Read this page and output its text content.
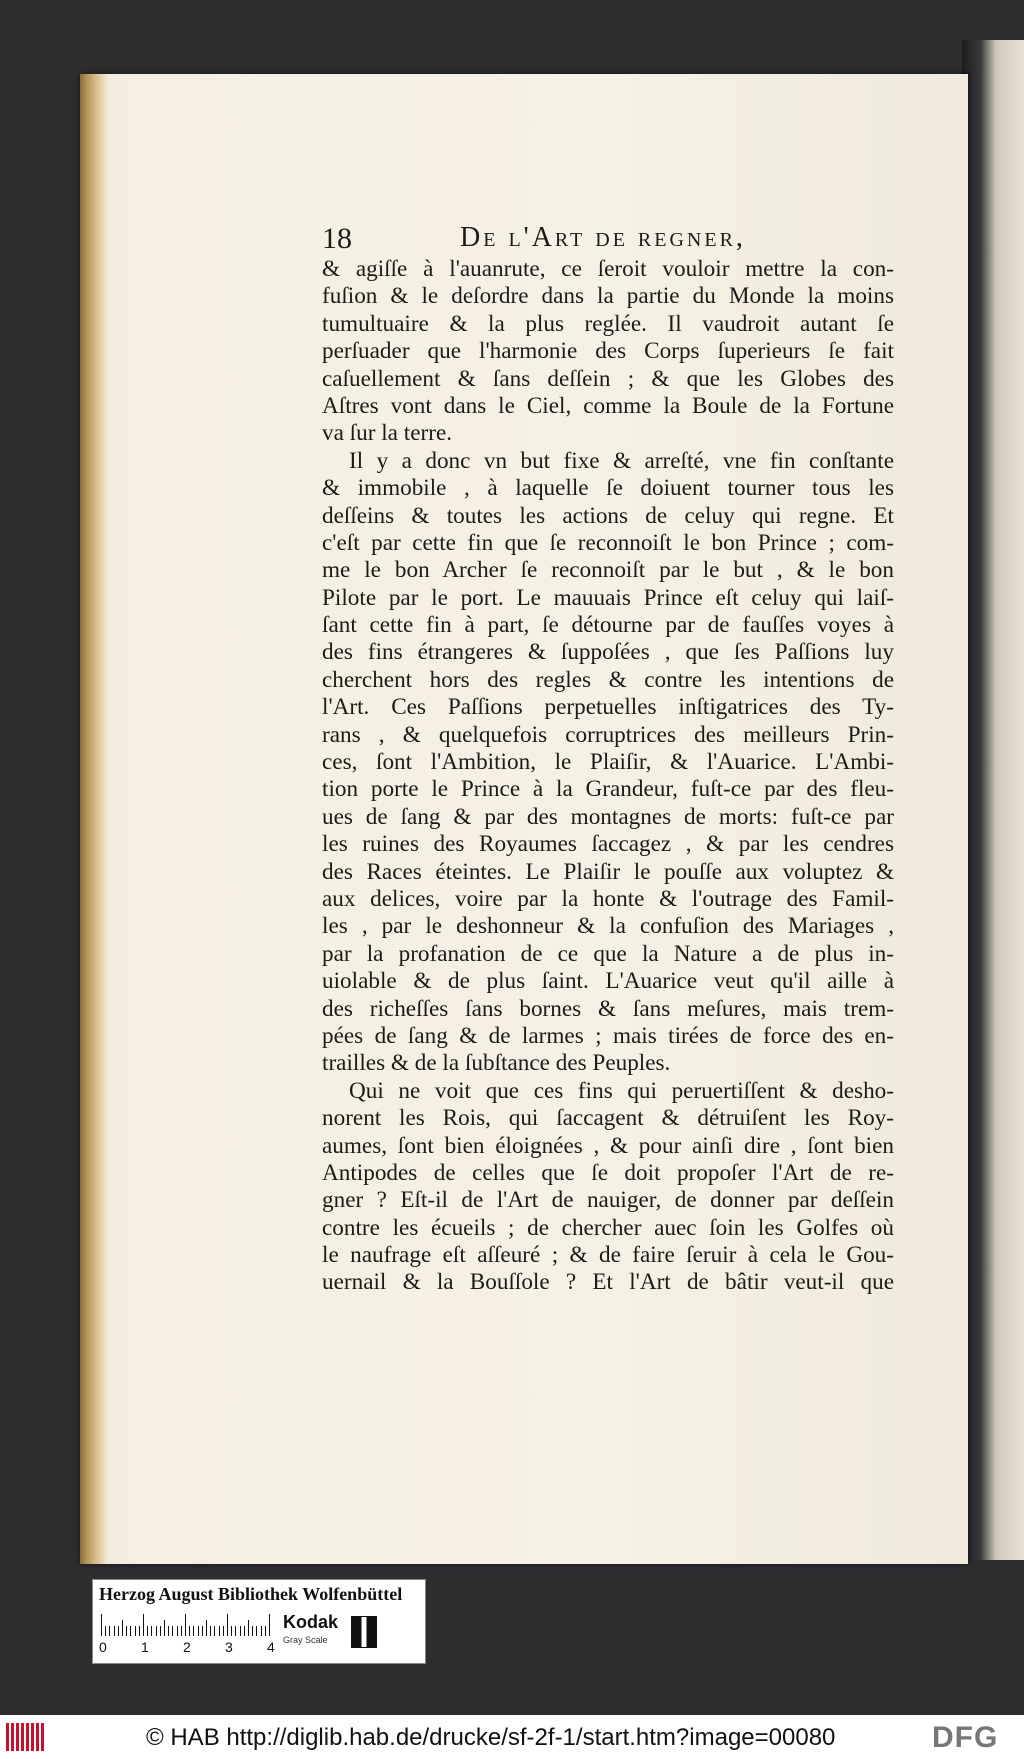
18	De l'Art de regner,
& agiſſe à l'auanrute, ce ſeroit vouloir mettre la con-
fuſion & le deſordre dans la partie du Monde la moins
tumultuaire & la plus reglée. Il vaudroit autant ſe
perſuader que l'harmonie des Corps ſuperieurs ſe fait
caſuellement & ſans deſſein ; & que les Globes des
Aſtres vont dans le Ciel, comme la Boule de la Fortune
va ſur la terre.
Il y a donc vn but fixe & arreſté, vne fin conſtante
& immobile , à laquelle ſe doiuent tourner tous les
deſſeins & toutes les actions de celuy qui regne. Et
c'eſt par cette fin que ſe reconnoiſt le bon Prince ; com-
me le bon Archer ſe reconnoiſt par le but , & le bon
Pilote par le port. Le mauuais Prince eſt celuy qui laiſ-
ſant cette fin à part, ſe détourne par de fauſſes voyes à
des fins étrangeres & ſuppoſées , que ſes Paſſions luy
cherchent hors des regles & contre les intentions de
l'Art. Ces Paſſions perpetuelles inſtigatrices des Ty-
rans , & quelquefois corruptrices des meilleurs Prin-
ces, ſont l'Ambition, le Plaiſir, & l'Auarice. L'Ambi-
tion porte le Prince à la Grandeur, fuſt-ce par des fleu-
ues de ſang & par des montagnes de morts: fuſt-ce par
les ruines des Royaumes ſaccagez , & par les cendres
des Races éteintes. Le Plaiſir le pouſſe aux voluptez &
aux delices, voire par la honte & l'outrage des Famil-
les , par le deshonneur & la confuſion des Mariages ,
par la profanation de ce que la Nature a de plus in-
uiolable & de plus ſaint. L'Auarice veut qu'il aille à
des richeſſes ſans bornes & ſans meſures, mais trem-
pées de ſang & de larmes ; mais tirées de force des en-
trailles & de la ſubſtance des Peuples.
Qui ne voit que ces fins qui peruertiſſent & desho-
norent les Rois, qui ſaccagent & détruiſent les Roy-
aumes, ſont bien éloignées , & pour ainſi dire , ſont bien
Antipodes de celles que ſe doit propoſer l'Art de re-
gner ? Eſt-il de l'Art de nauiger, de donner par deſſein
contre les écueils ; de chercher auec ſoin les Golfes où
le naufrage eſt aſſeuré ; & de faire ſeruir à cela le Gou-
uernail & la Bouſſole ? Et l'Art de bâtir veut-il que
Herzog August Bibliothek Wolfenbüttel
0 1 2 3 4
Kodak
Gray Scale
© HAB http://diglib.hab.de/drucke/sf-2f-1/start.htm?image=00080	DFG
